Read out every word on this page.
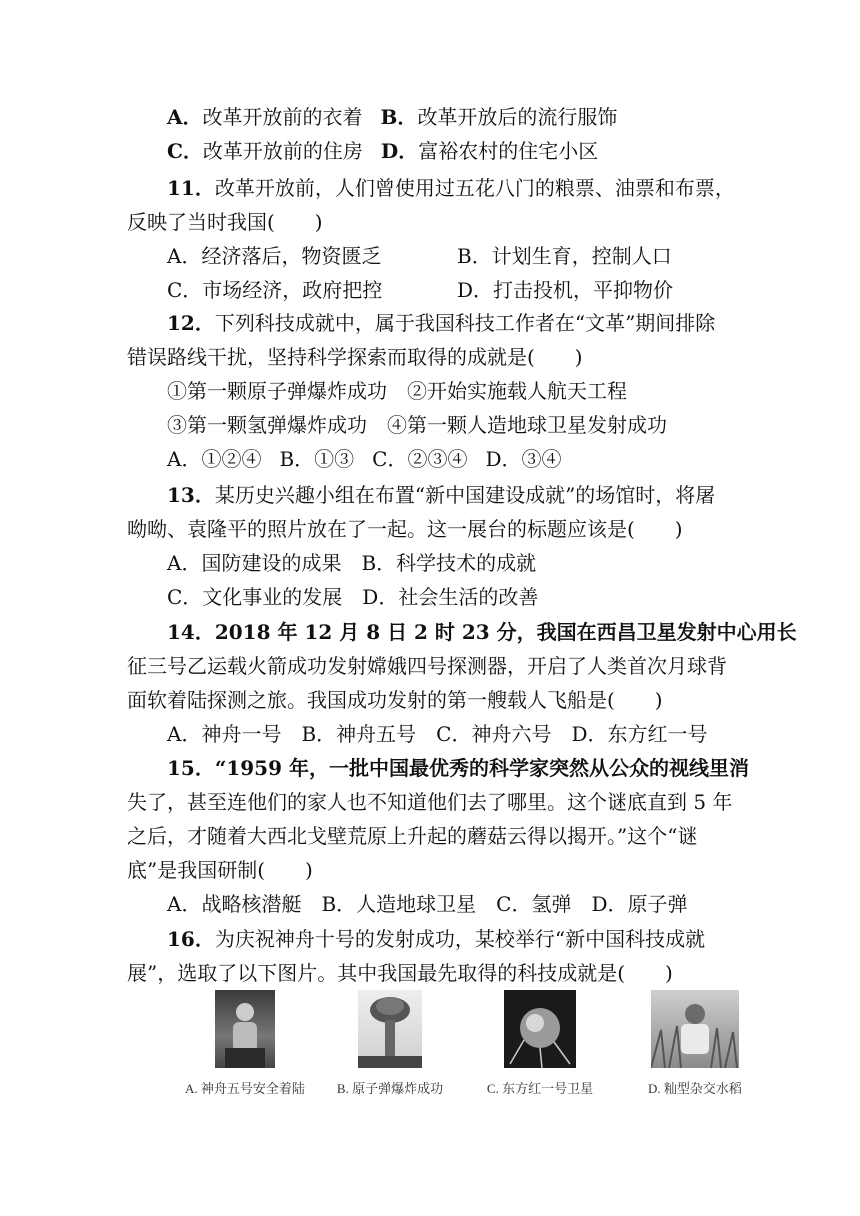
A．改革开放前的衣着 B．改革开放后的流行服饰
C．改革开放前的住房 D．富裕农村的住宅小区
11．改革开放前，人们曾使用过五花八门的粮票、油票和布票，
反映了当时我国(　　)
A．经济落后，物资匮乏	B．计划生育，控制人口
C．市场经济，政府把控	D．打击投机，平抑物价
12．下列科技成就中，属于我国科技工作者在“文革”期间排除
错误路线干扰，坚持科学探索而取得的成就是(　　)
①第一颗原子弹爆炸成功　②开始实施载人航天工程
③第一颗氢弹爆炸成功　④第一颗人造地球卫星发射成功
A．①②④ B．①③ C．②③④ D．③④
13．某历史兴趣小组在布置“新中国建设成就”的场馆时，将屠
呦呦、袁隆平的照片放在了一起。这一展台的标题应该是(　　)
A．国防建设的成果　B．科学技术的成就
C．文化事业的发展　D．社会生活的改善
14．2018 年 12 月 8 日 2 时 23 分，我国在西昌卫星发射中心用长
征三号乙运载火箭成功发射嫦娥四号探测器，开启了人类首次月球背
面软着陆探测之旅。我国成功发射的第一艘载人飞船是(　　)
A．神舟一号　B．神舟五号　C．神舟六号　D．东方红一号
15．“1959 年，一批中国最优秀的科学家突然从公众的视线里消
失了，甚至连他们的家人也不知道他们去了哪里。这个谜底直到 5 年
之后，才随着大西北戈壁荒原上升起的蘑菇云得以揭开。”这个“谜
底”是我国研制(　　)
A．战略核潜艇　B．人造地球卫星　C．氢弹　D．原子弹
16．为庆祝神舟十号的发射成功，某校举行“新中国科技成就
展”，选取了以下图片。其中我国最先取得的科技成就是(　　)
A. 神舟五号安全着陆	B. 原子弹爆炸成功	C. 东方红一号卫星	D. 籼型杂交水稻
